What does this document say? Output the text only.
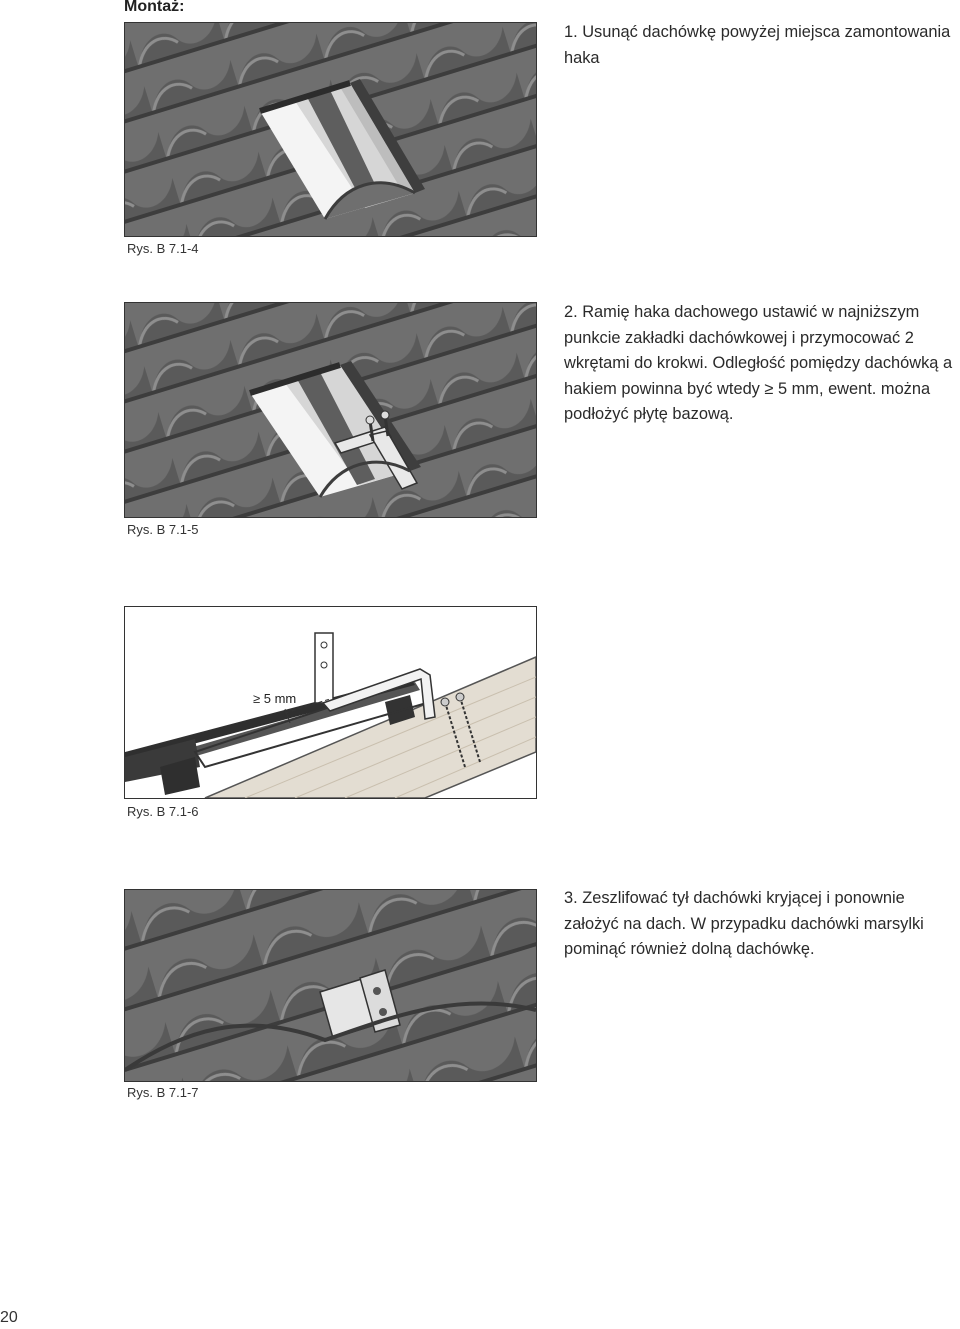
Montaż:

1. Usunąć dachówkę powyżej miejsca zamontowania haka

2. Ramię haka dachowego ustawić w najniższym punkcie zakładki dachówkowej i przymocować 2 wkrętami do krokwi. Odległość pomiędzy dachówką a hakiem powinna być wtedy ≥ 5 mm, ewent. można podłożyć płytę bazową.

3. Zeszlifować tył dachówki kryjącej i ponownie założyć na dach. W przypadku dachówki marsylki pominąć również dolną dachówkę.

Rys. B 7.1-4
Rys. B 7.1-5
≥ 5 mm
Rys. B 7.1-6
Rys. B 7.1-7
20
